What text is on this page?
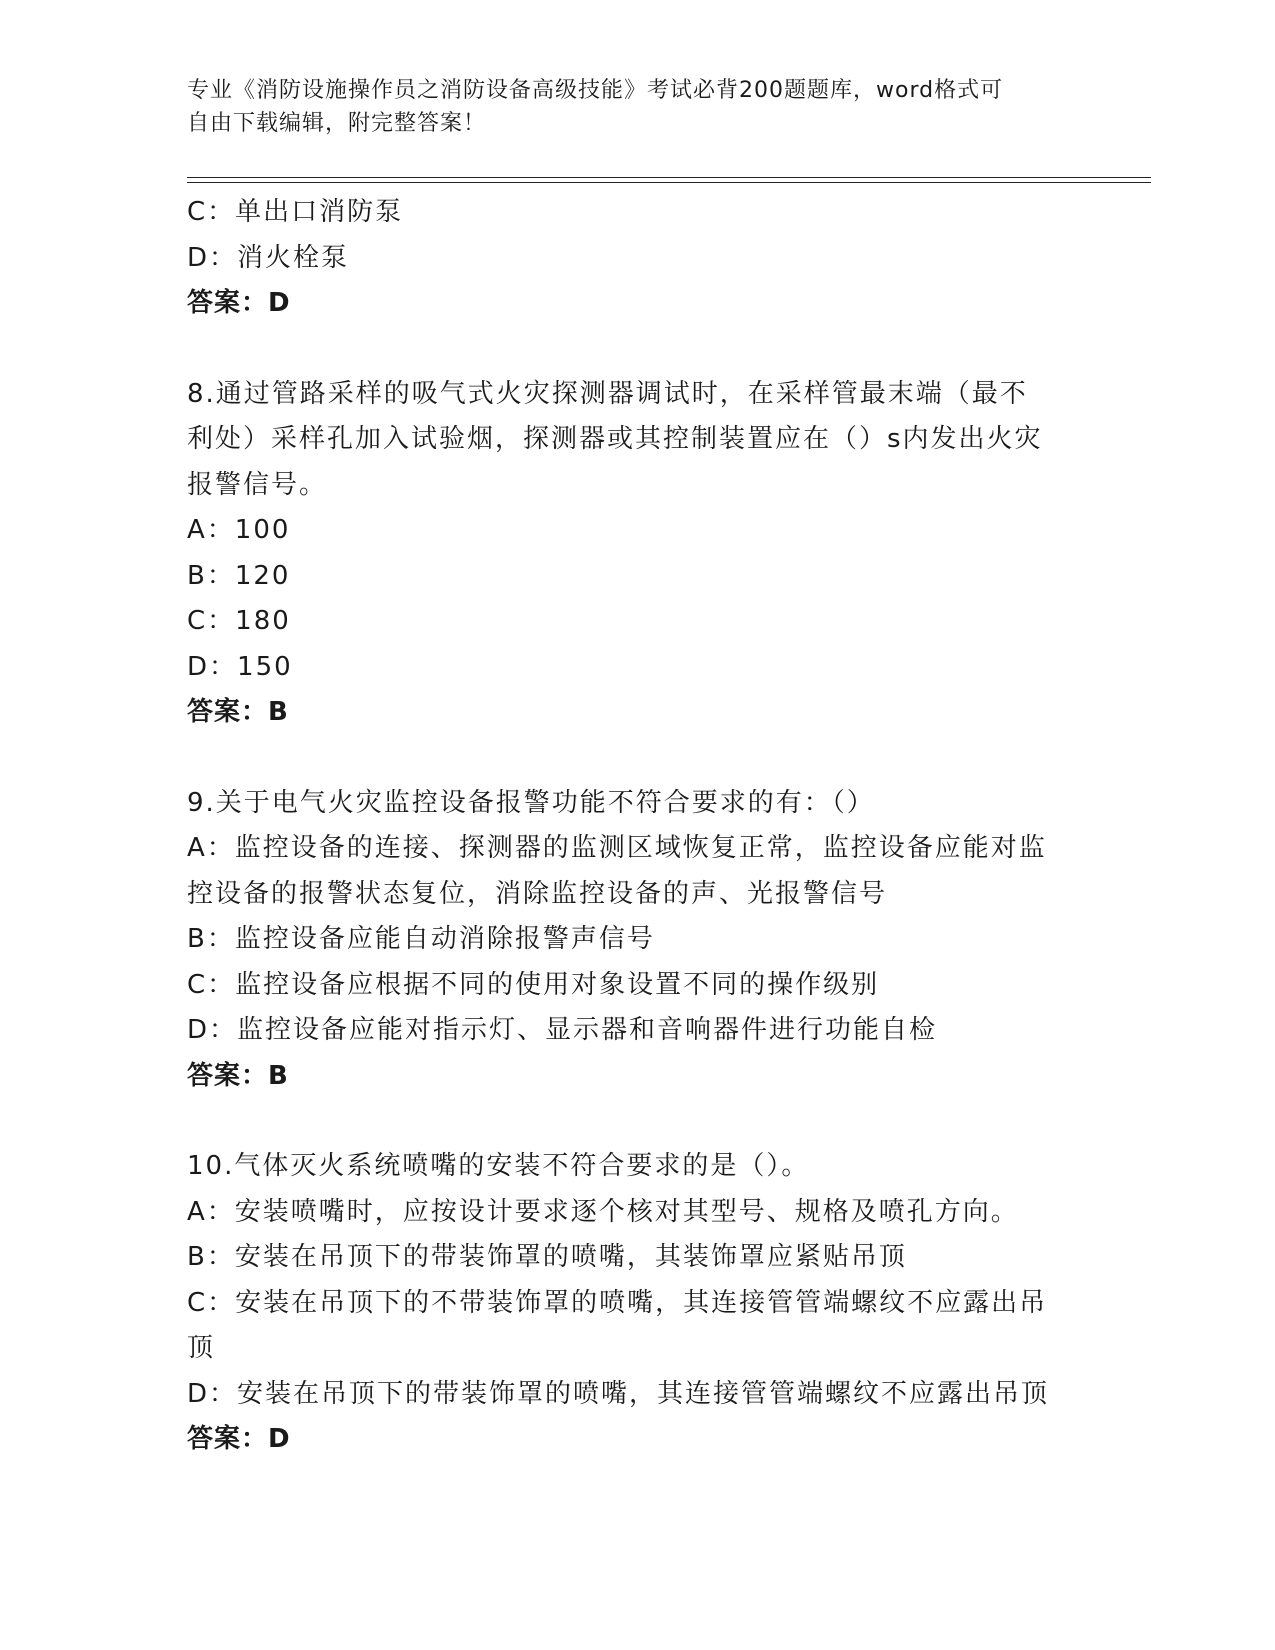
专业《消防设施操作员之消防设备高级技能》考试必背200题题库，word格式可
自由下载编辑，附完整答案！
C：单出口消防泵
D：消火栓泵
答案：D
8.通过管路采样的吸气式火灾探测器调试时，在采样管最末端（最不
利处）采样孔加入试验烟，探测器或其控制装置应在（）s内发出火灾
报警信号。
A：100
B：120
C：180
D：150
答案：B
9.关于电气火灾监控设备报警功能不符合要求的有：（）
A：监控设备的连接、探测器的监测区域恢复正常，监控设备应能对监
控设备的报警状态复位，消除监控设备的声、光报警信号
B：监控设备应能自动消除报警声信号
C：监控设备应根据不同的使用对象设置不同的操作级别
D：监控设备应能对指示灯、显示器和音响器件进行功能自检
答案：B
10.气体灭火系统喷嘴的安装不符合要求的是（）。
A：安装喷嘴时，应按设计要求逐个核对其型号、规格及喷孔方向。
B：安装在吊顶下的带装饰罩的喷嘴，其装饰罩应紧贴吊顶
C：安装在吊顶下的不带装饰罩的喷嘴，其连接管管端螺纹不应露出吊
顶
D：安装在吊顶下的带装饰罩的喷嘴，其连接管管端螺纹不应露出吊顶
答案：D
